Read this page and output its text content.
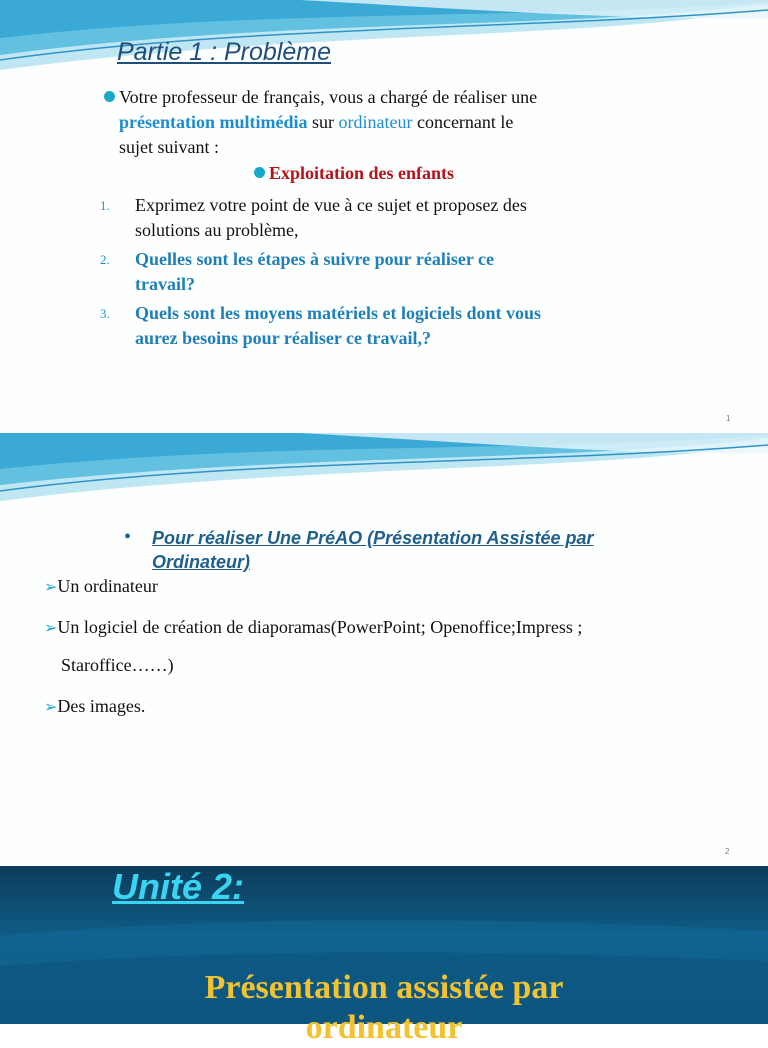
Partie 1 : Problème
Votre professeur de français, vous a chargé de réaliser une
présentation multimédia sur ordinateur concernant le
sujet suivant :
Exploitation des enfants
1. Exprimez votre point de vue à ce sujet et proposez des
solutions au problème,
2. Quelles sont les étapes à suivre pour réaliser ce
travail?
3. Quels sont les moyens matériels et logiciels dont vous
aurez besoins pour réaliser ce travail,?
1
2
• Pour réaliser Une PréAO (Présentation Assistée par
Ordinateur)
➢Un ordinateur
➢Un logiciel de création de diaporamas(PowerPoint; Openoffice;Impress ;
Staroffice……)
➢Des images.
Unité 2:
Présentation assistée par
ordinateur
